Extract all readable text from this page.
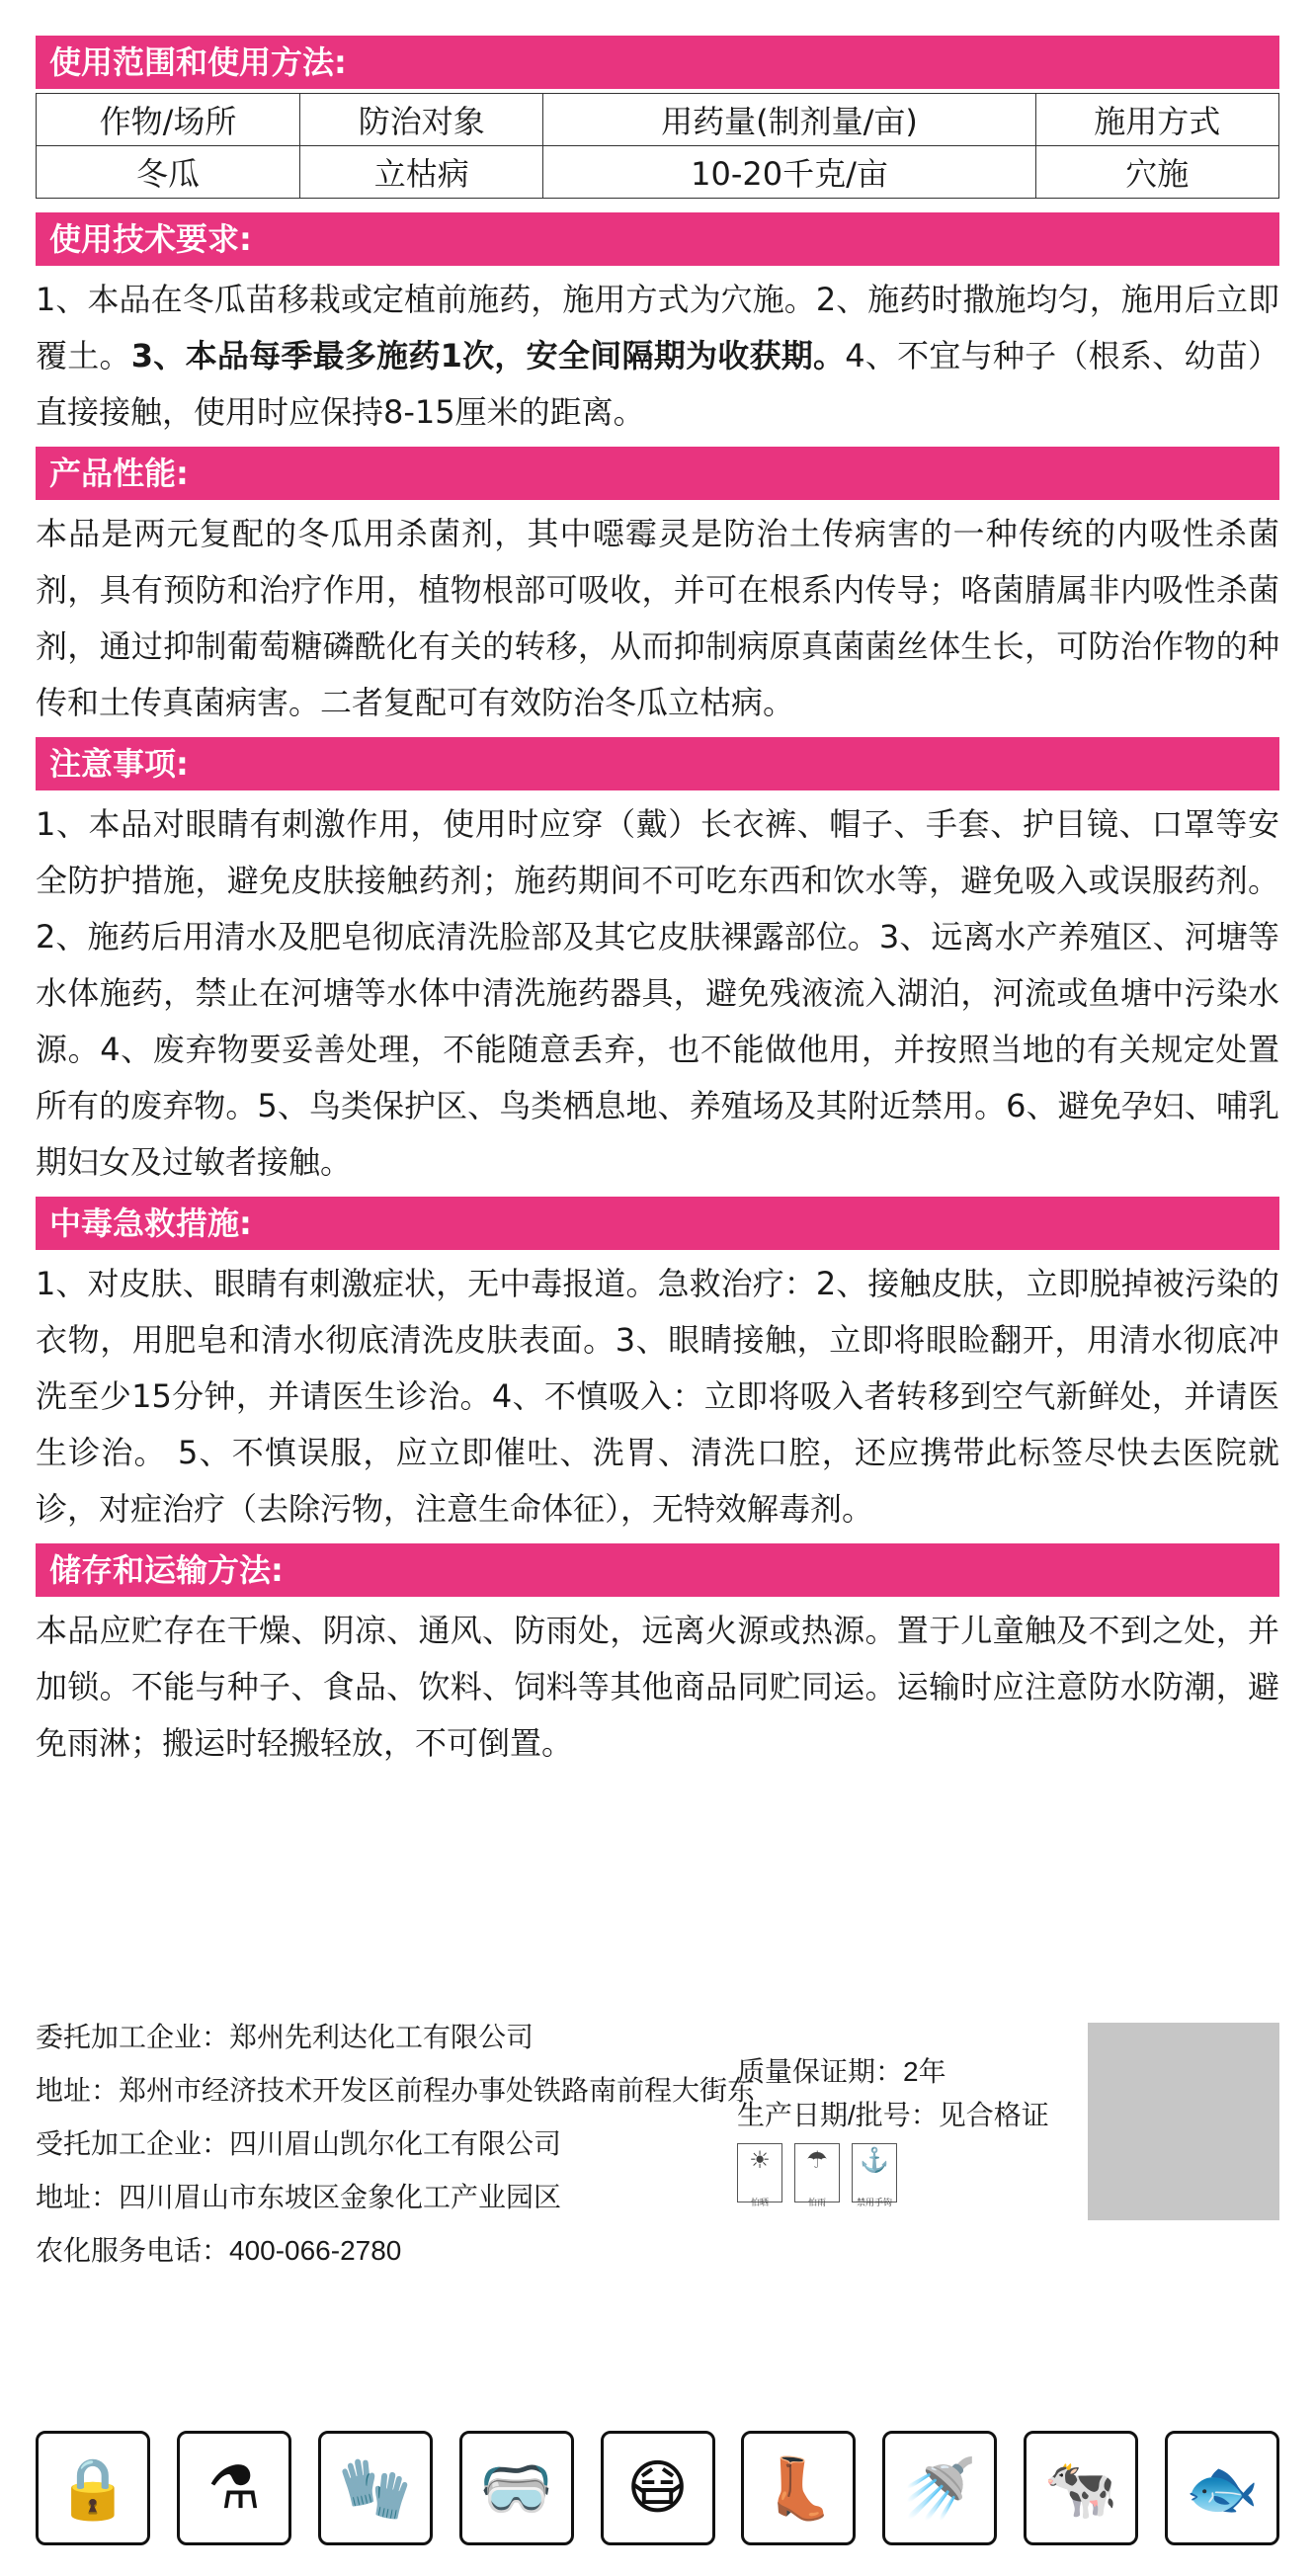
使用范围和使用方法:
作物/场所	防治对象	用药量(制剂量/亩)	施用方式
冬瓜	立枯病	10-20千克/亩	穴施
使用技术要求:
1、本品在冬瓜苗移栽或定植前施药，施用方式为穴施。2、施药时撒施均匀，施用后立即覆土。3、本品每季最多施药1次，安全间隔期为收获期。4、不宜与种子（根系、幼苗）直接接触，使用时应保持8-15厘米的距离。
产品性能:
本品是两元复配的冬瓜用杀菌剂，其中噁霉灵是防治土传病害的一种传统的内吸性杀菌剂，具有预防和治疗作用，植物根部可吸收，并可在根系内传导；咯菌腈属非内吸性杀菌剂，通过抑制葡萄糖磷酰化有关的转移，从而抑制病原真菌菌丝体生长，可防治作物的种传和土传真菌病害。二者复配可有效防治冬瓜立枯病。
注意事项:
1、本品对眼睛有刺激作用，使用时应穿（戴）长衣裤、帽子、手套、护目镜、口罩等安全防护措施，避免皮肤接触药剂；施药期间不可吃东西和饮水等，避免吸入或误服药剂。2、施药后用清水及肥皂彻底清洗脸部及其它皮肤裸露部位。3、远离水产养殖区、河塘等水体施药，禁止在河塘等水体中清洗施药器具，避免残液流入湖泊，河流或鱼塘中污染水源。4、废弃物要妥善处理，不能随意丢弃，也不能做他用，并按照当地的有关规定处置所有的废弃物。5、鸟类保护区、鸟类栖息地、养殖场及其附近禁用。6、避免孕妇、哺乳期妇女及过敏者接触。
中毒急救措施:
1、对皮肤、眼睛有刺激症状，无中毒报道。急救治疗：2、接触皮肤，立即脱掉被污染的衣物，用肥皂和清水彻底清洗皮肤表面。3、眼睛接触，立即将眼睑翻开，用清水彻底冲洗至少15分钟，并请医生诊治。4、不慎吸入：立即将吸入者转移到空气新鲜处，并请医生诊治。 5、不慎误服，应立即催吐、洗胃、清洗口腔，还应携带此标签尽快去医院就诊，对症治疗（去除污物，注意生命体征），无特效解毒剂。
储存和运输方法:
本品应贮存在干燥、阴凉、通风、防雨处，远离火源或热源。置于儿童触及不到之处，并加锁。不能与种子、食品、饮料、饲料等其他商品同贮同运。运输时应注意防水防潮，避免雨淋；搬运时轻搬轻放，不可倒置。
委托加工企业：郑州先利达化工有限公司
地址：郑州市经济技术开发区前程办事处铁路南前程大街东
受托加工企业：四川眉山凯尔化工有限公司
地址：四川眉山市东坡区金象化工产业园区
农化服务电话：400-066-2780
质量保证期：2年
生产日期/批号：见合格证
☀
怕晒
☂
怕雨
⚓
禁用手钩
🔒	⚗	🧤	🥽	😷	👢	🚿	🐄	🐟
